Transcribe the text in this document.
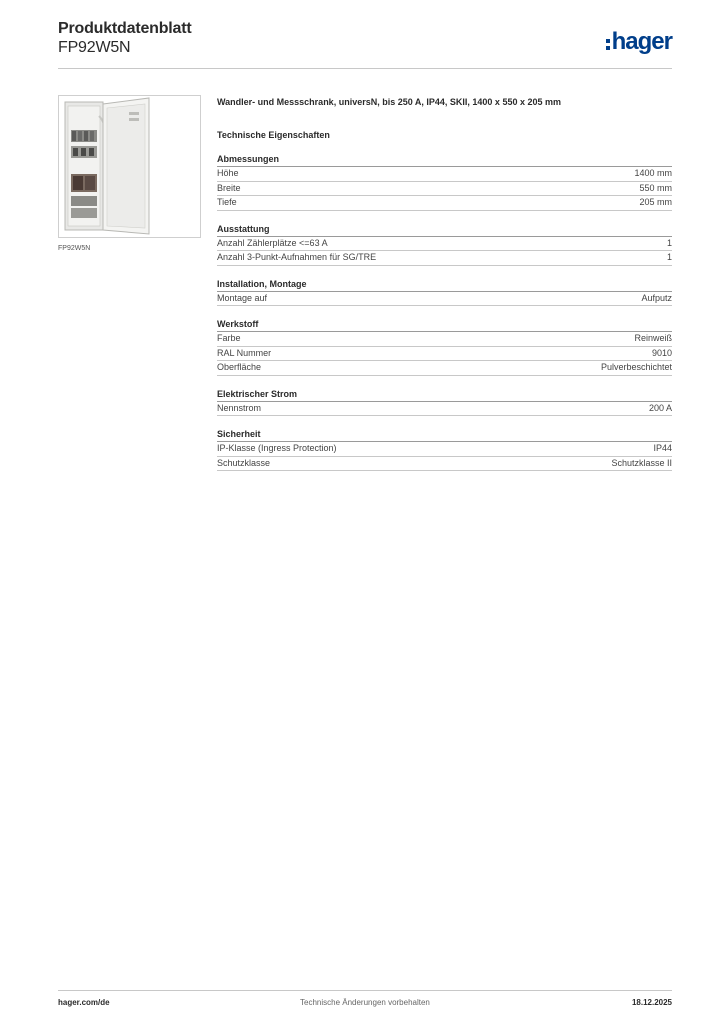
Produktdatenblatt
FP92W5N	hager
FP92W5N
Wandler- und Messschrank, universN, bis 250 A, IP44, SKII, 1400 x 550 x 205 mm
Technische Eigenschaften
Abmessungen
Höhe	1400 mm
Breite	550 mm
Tiefe	205 mm
Ausstattung
Anzahl Zählerplätze <=63 A	1
Anzahl 3-Punkt-Aufnahmen für SG/TRE	1
Installation, Montage
Montage auf	Aufputz
Werkstoff
Farbe	Reinweiß
RAL Nummer	9010
Oberfläche	Pulverbeschichtet
Elektrischer Strom
Nennstrom	200 A
Sicherheit
IP-Klasse (Ingress Protection)	IP44
Schutzklasse	Schutzklasse II
hager.com/de	Technische Änderungen vorbehalten	18.12.2025
